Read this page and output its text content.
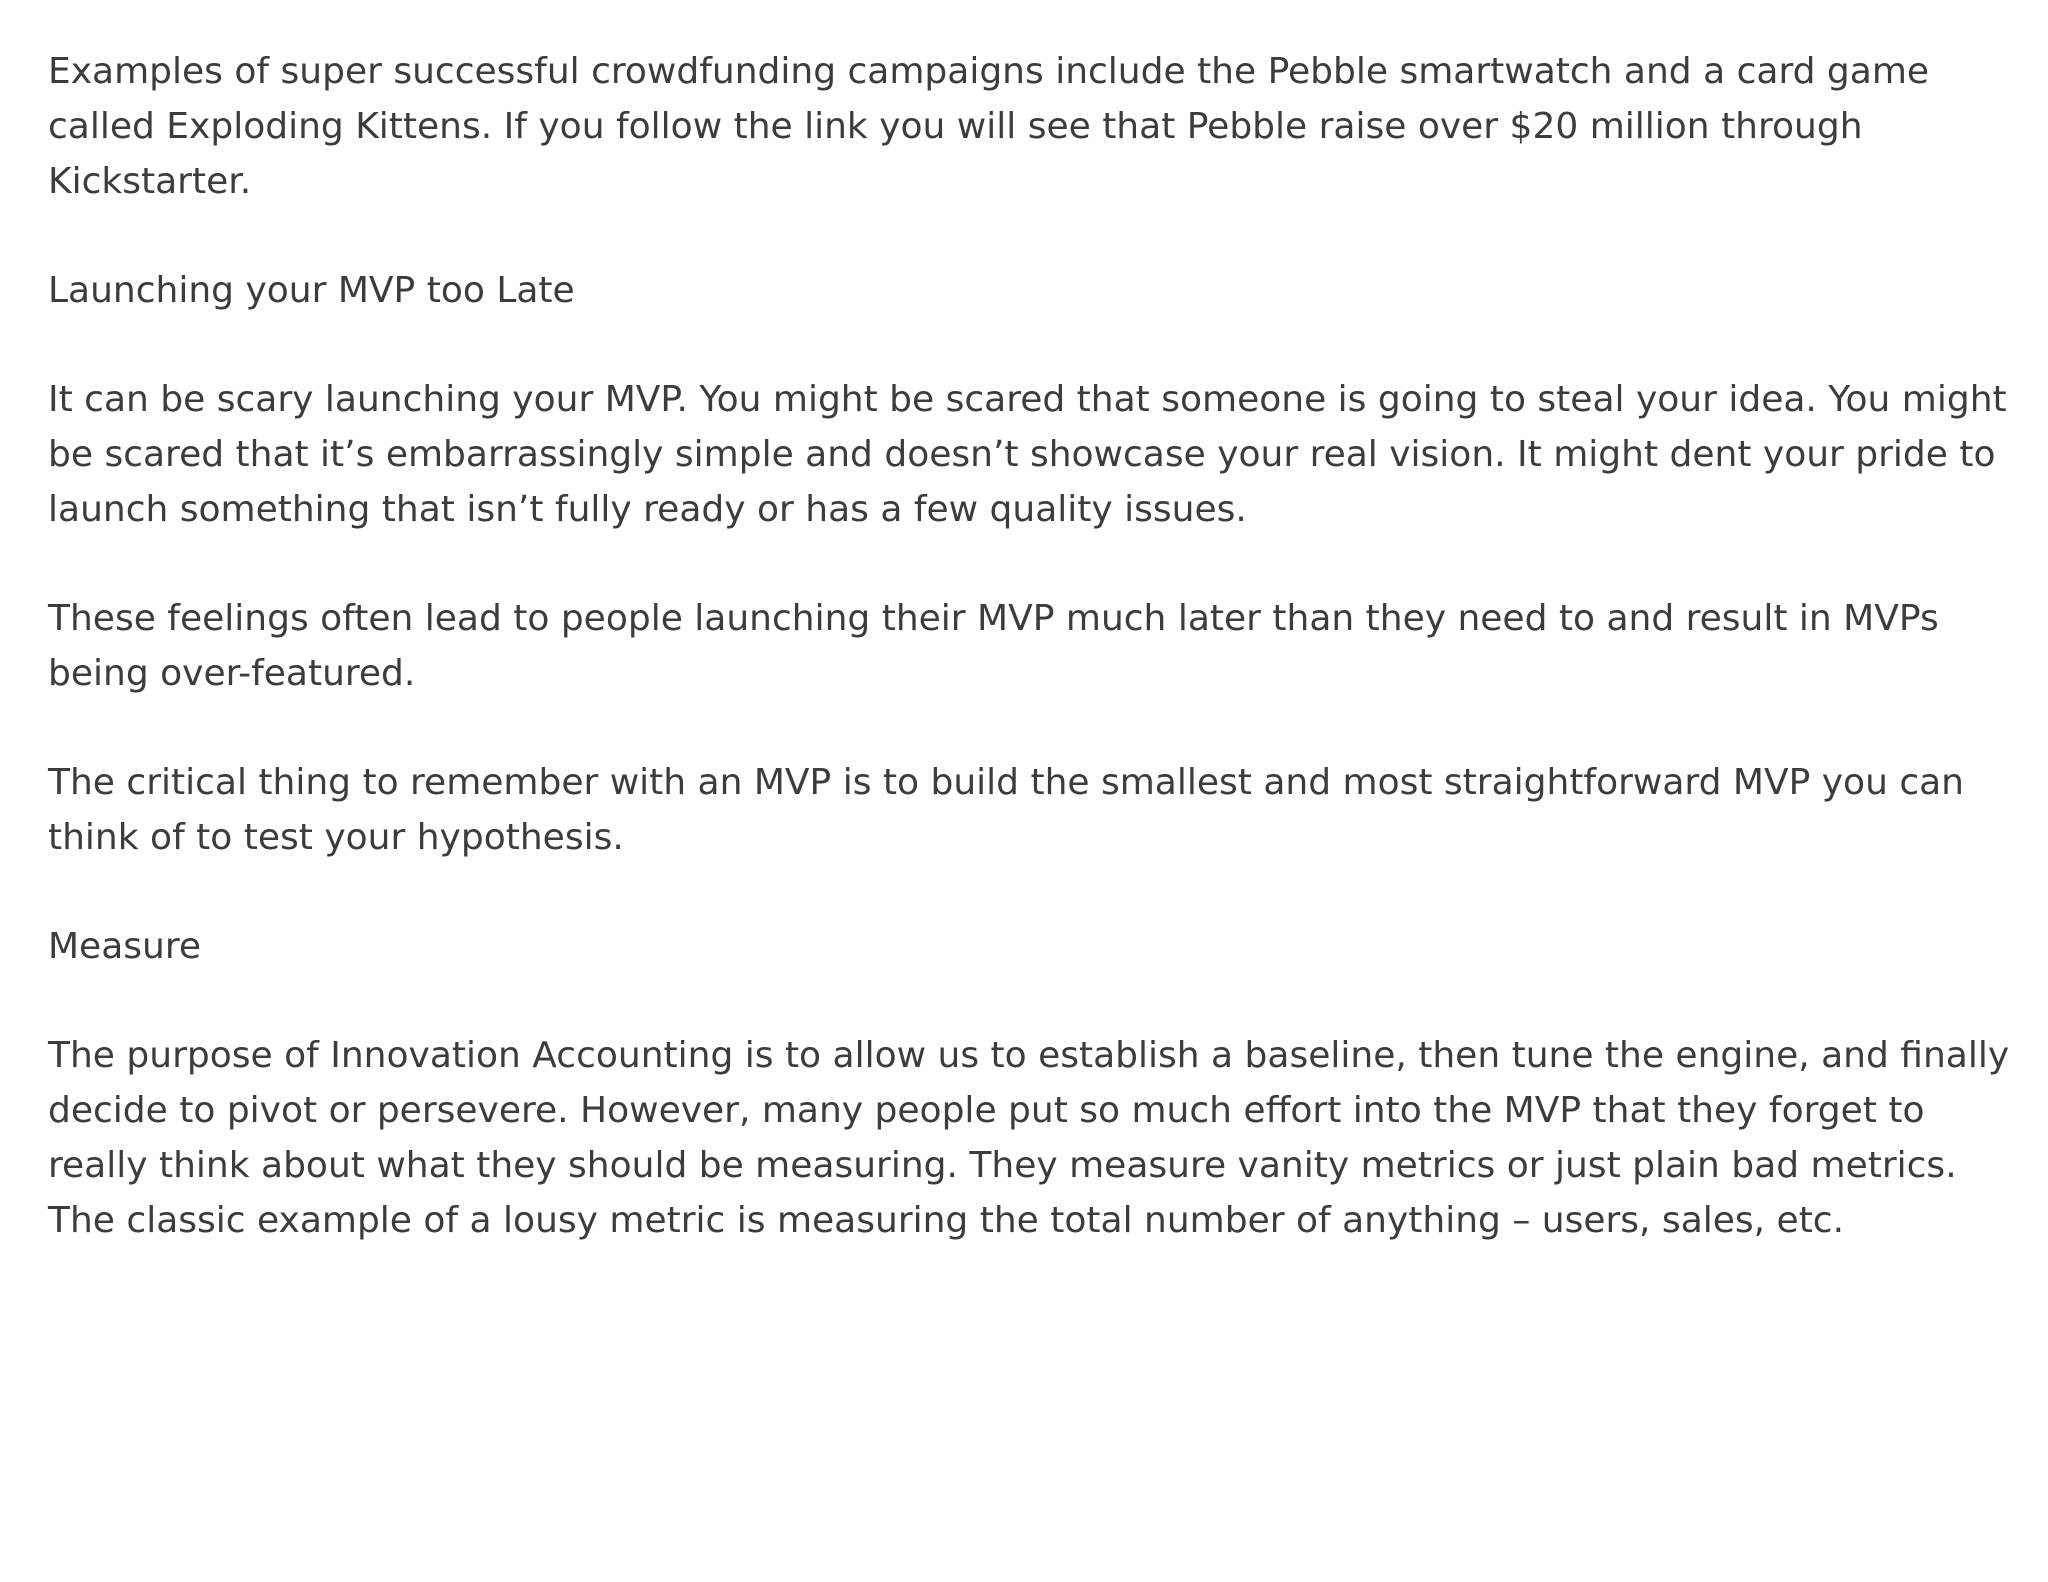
Examples of super successful crowdfunding campaigns include the Pebble smartwatch and a card game
called Exploding Kittens. If you follow the link you will see that Pebble raise over $20 million through
Kickstarter.

Launching your MVP too Late

It can be scary launching your MVP. You might be scared that someone is going to steal your idea. You might
be scared that it’s embarrassingly simple and doesn’t showcase your real vision. It might dent your pride to
launch something that isn’t fully ready or has a few quality issues.

These feelings often lead to people launching their MVP much later than they need to and result in MVPs
being over-featured.

The critical thing to remember with an MVP is to build the smallest and most straightforward MVP you can
think of to test your hypothesis.

Measure

The purpose of Innovation Accounting is to allow us to establish a baseline, then tune the engine, and finally
decide to pivot or persevere. However, many people put so much effort into the MVP that they forget to
really think about what they should be measuring. They measure vanity metrics or just plain bad metrics.
The classic example of a lousy metric is measuring the total number of anything – users, sales, etc.
